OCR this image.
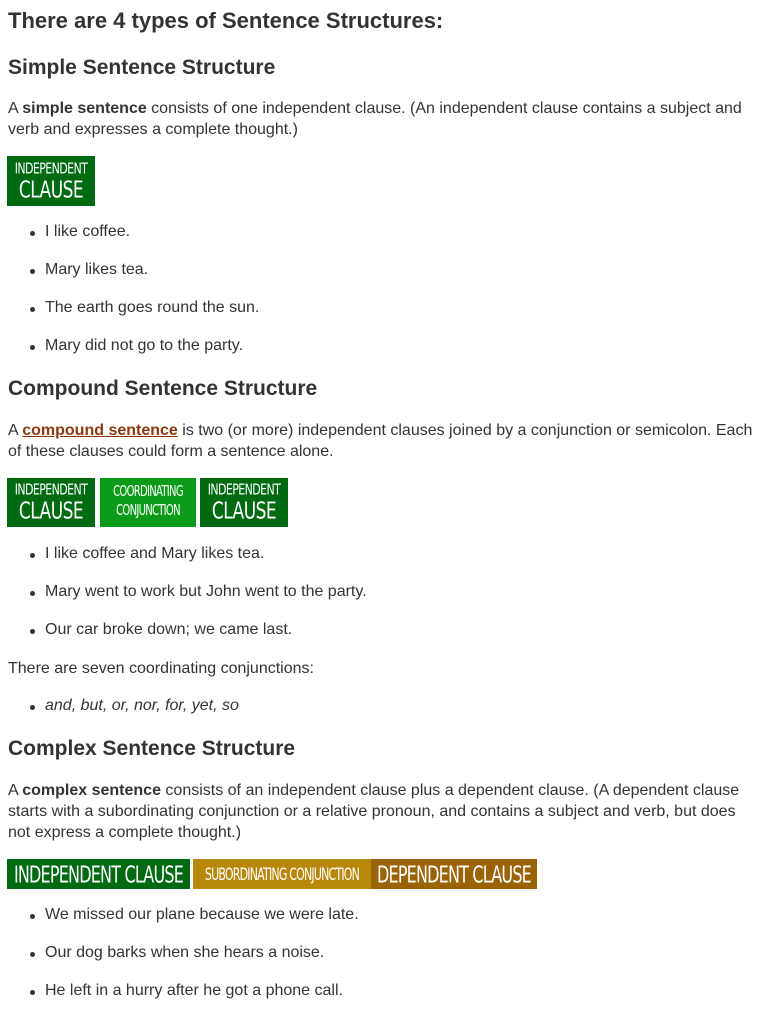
There are 4 types of Sentence Structures:
Simple Sentence Structure
A simple sentence consists of one independent clause. (An independent clause contains a subject and verb and expresses a complete thought.)
INDEPENDENT
CLAUSE
I like coffee.
Mary likes tea.
The earth goes round the sun.
Mary did not go to the party.
Compound Sentence Structure
A compound sentence is two (or more) independent clauses joined by a conjunction or semicolon. Each of these clauses could form a sentence alone.
INDEPENDENT
CLAUSE
COORDINATING
CONJUNCTION
INDEPENDENT
CLAUSE
I like coffee and Mary likes tea.
Mary went to work but John went to the party.
Our car broke down; we came last.
There are seven coordinating conjunctions:
and, but, or, nor, for, yet, so
Complex Sentence Structure
A complex sentence consists of an independent clause plus a dependent clause. (A dependent clause starts with a subordinating conjunction or a relative pronoun, and contains a subject and verb, but does not express a complete thought.)
INDEPENDENT CLAUSE SUBORDINATING CONJUNCTION DEPENDENT CLAUSE
We missed our plane because we were late.
Our dog barks when she hears a noise.
He left in a hurry after he got a phone call.
